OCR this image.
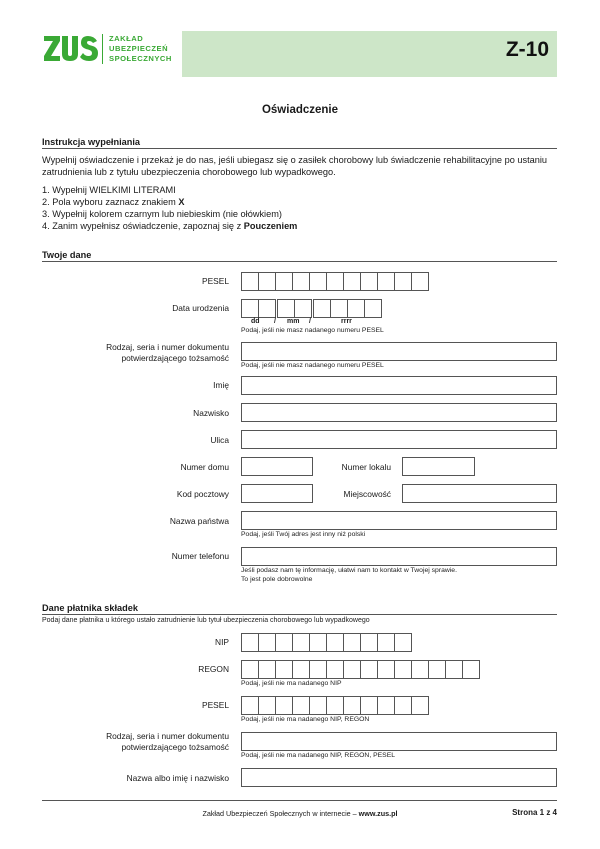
ZAKŁAD
UBEZPIECZEŃ
SPOŁECZNYCH	Z-10
Oświadczenie
Instrukcja wypełniania
Wypełnij oświadczenie i przekaż je do nas, jeśli ubiegasz się o zasiłek chorobowy lub świadczenie rehabilitacyjne po ustaniu zatrudnienia lub z tytułu ubezpieczenia chorobowego lub wypadkowego.
1. Wypełnij WIELKIMI LITERAMI
2. Pola wyboru zaznacz znakiem X
3. Wypełnij kolorem czarnym lub niebieskim (nie ołówkiem)
4. Zanim wypełnisz oświadczenie, zapoznaj się z Pouczeniem
Twoje dane
PESEL
Data urodzenia
dd / mm /	rrrr
Podaj, jeśli nie masz nadanego numeru PESEL
Rodzaj, seria i numer dokumentu
potwierdzającego tożsamość
Podaj, jeśli nie masz nadanego numeru PESEL
Imię
Nazwisko
Ulica
Numer domu	Numer lokalu
Kod pocztowy	Miejscowość
Nazwa państwa
Podaj, jeśli Twój adres jest inny niż polski
Numer telefonu
Jeśli podasz nam tę informację, ułatwi nam to kontakt w Twojej sprawie.
To jest pole dobrowolne
Dane płatnika składek
Podaj dane płatnika u którego ustało zatrudnienie lub tytuł ubezpieczenia chorobowego lub wypadkowego
NIP
REGON
Podaj, jeśli nie ma nadanego NIP
PESEL
Podaj, jeśli nie ma nadanego NIP, REGON
Rodzaj, seria i numer dokumentu
potwierdzającego tożsamość
Podaj, jeśli nie ma nadanego NIP, REGON, PESEL
Nazwa albo imię i nazwisko
Zakład Ubezpieczeń Społecznych w internecie – www.zus.pl	Strona 1 z 4
